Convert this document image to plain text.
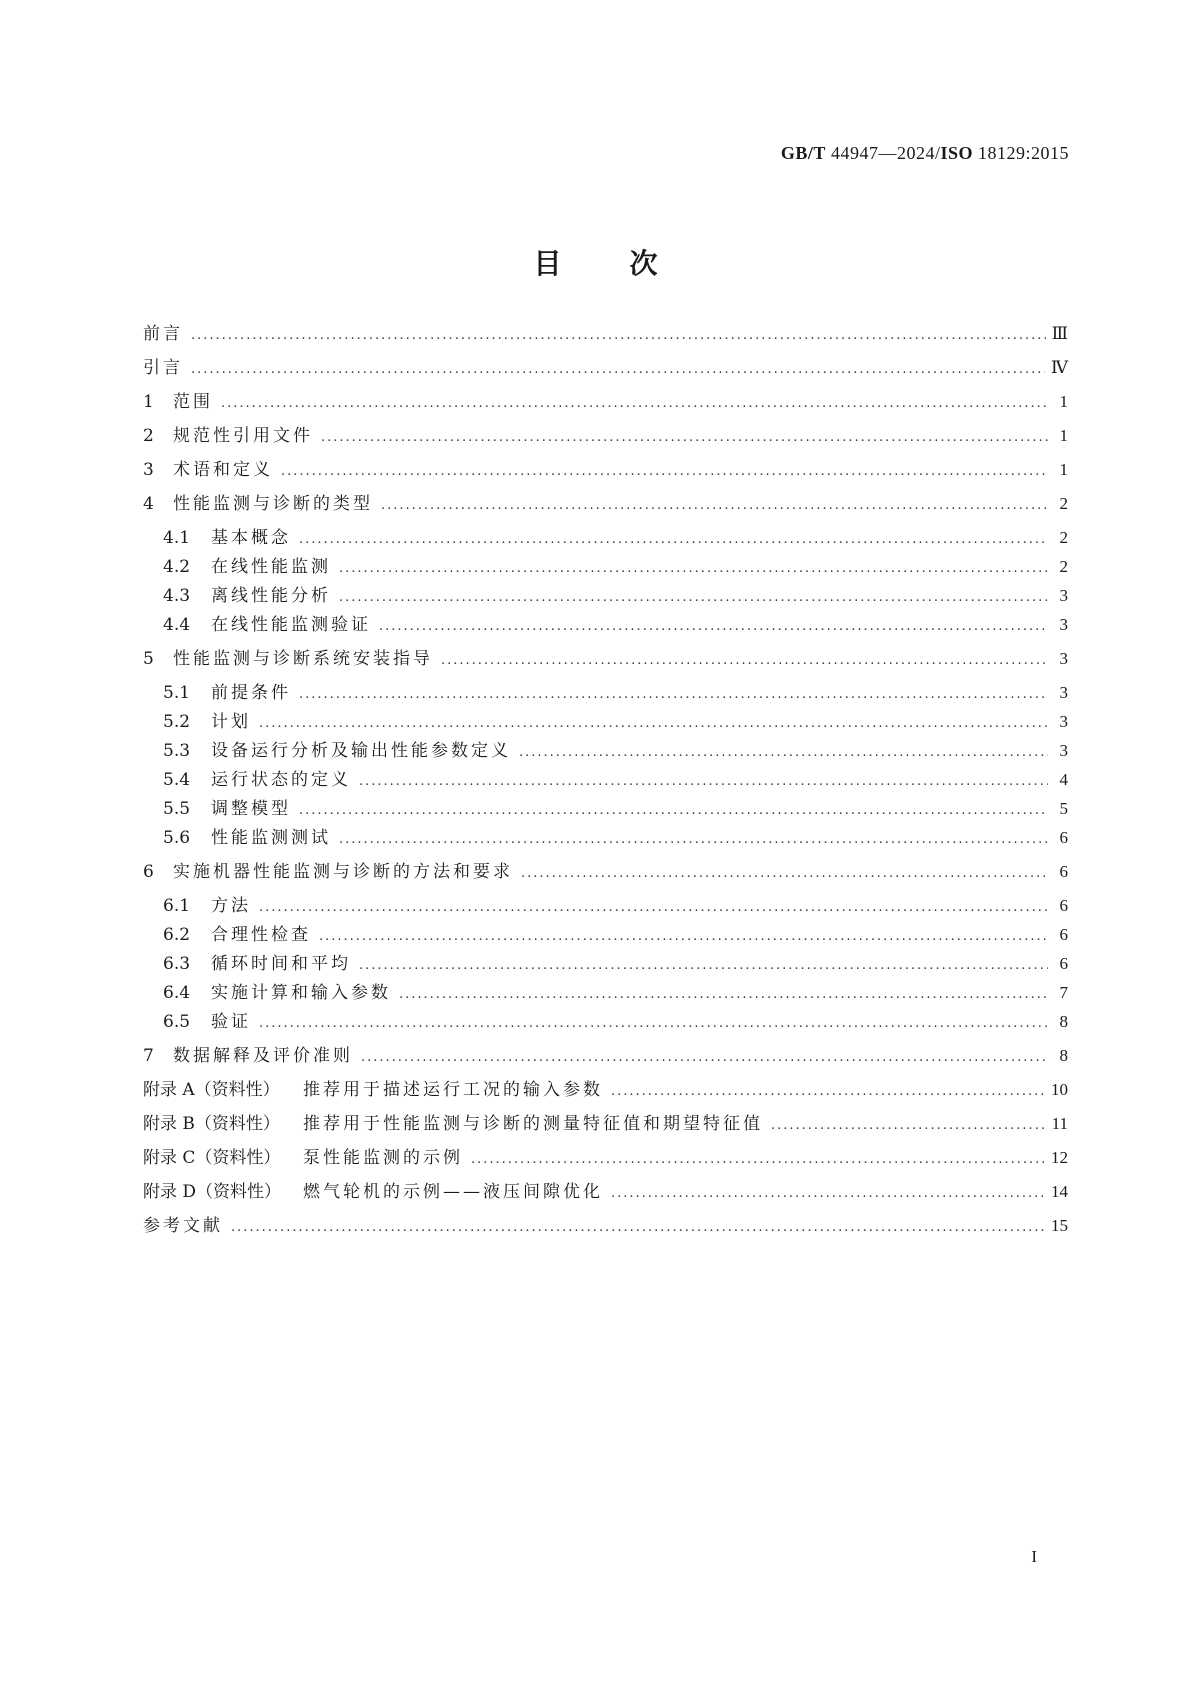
GB/T 44947—2024/ISO 18129:2015
目 次
前言 .....	Ⅲ
引言 .....	Ⅳ
1	范围 .....	1
2	规范性引用文件 .....	1
3	术语和定义 .....	1
4	性能监测与诊断的类型 .....	2
4.1	基本概念 .....	2
4.2	在线性能监测 .....	2
4.3	离线性能分析 .....	3
4.4	在线性能监测验证 .....	3
5	性能监测与诊断系统安装指导 .....	3
5.1	前提条件 .....	3
5.2	计划 .....	3
5.3	设备运行分析及输出性能参数定义 .....	3
5.4	运行状态的定义 .....	4
5.5	调整模型 .....	5
5.6	性能监测测试 .....	6
6	实施机器性能监测与诊断的方法和要求 .....	6
6.1	方法 .....	6
6.2	合理性检查 .....	6
6.3	循环时间和平均 .....	6
6.4	实施计算和输入参数 .....	7
6.5	验证 .....	8
7	数据解释及评价准则 .....	8
附录 A（资料性）	推荐用于描述运行工况的输入参数 .....	10
附录 B（资料性）	推荐用于性能监测与诊断的测量特征值和期望特征值 .....	11
附录 C（资料性）	泵性能监测的示例 .....	12
附录 D（资料性）	燃气轮机的示例——液压间隙优化 .....	14
参考文献 .....	15
I
